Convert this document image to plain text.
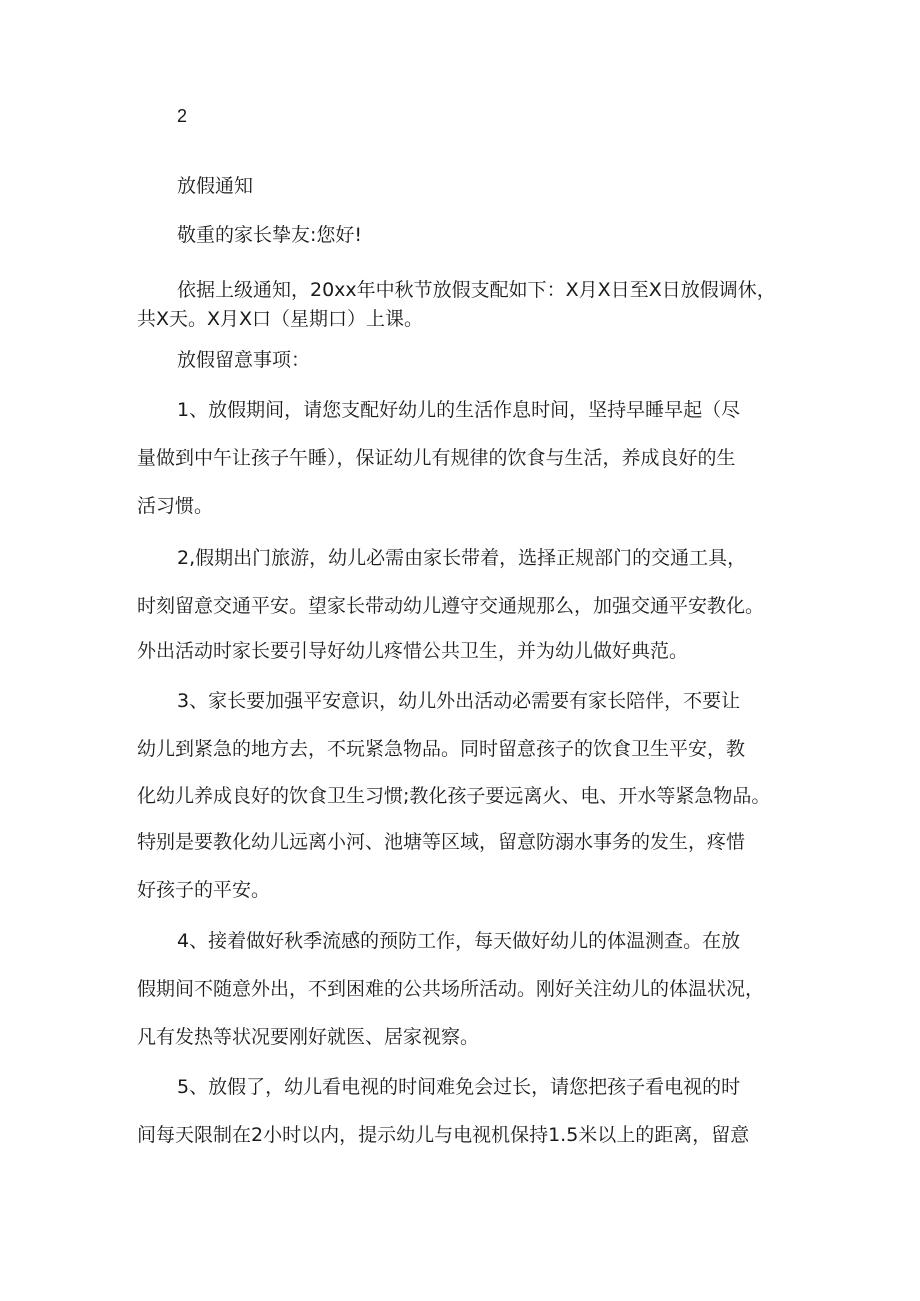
2
放假通知
敬重的家长挚友:您好!
依据上级通知，20xx年中秋节放假支配如下：X月X日至X日放假调休，
共X天。X月X口（星期口）上课。
放假留意事项：
1、放假期间，请您支配好幼儿的生活作息时间，坚持早睡早起（尽
量做到中午让孩子午睡），保证幼儿有规律的饮食与生活，养成良好的生
活习惯。
2,假期出门旅游，幼儿必需由家长带着，选择正规部门的交通工具，
时刻留意交通平安。望家长带动幼儿遵守交通规那么，加强交通平安教化。
外出活动时家长要引导好幼儿疼惜公共卫生，并为幼儿做好典范。
3、家长要加强平安意识，幼儿外出活动必需要有家长陪伴，不要让
幼儿到紧急的地方去，不玩紧急物品。同时留意孩子的饮食卫生平安，教
化幼儿养成良好的饮食卫生习惯;教化孩子要远离火、电、开水等紧急物品。
特别是要教化幼儿远离小河、池塘等区域，留意防溺水事务的发生，疼惜
好孩子的平安。
4、接着做好秋季流感的预防工作，每天做好幼儿的体温测查。在放
假期间不随意外出，不到困难的公共场所活动。刚好关注幼儿的体温状况，
凡有发热等状况要刚好就医、居家视察。
5、放假了，幼儿看电视的时间难免会过长，请您把孩子看电视的时
间每天限制在2小时以内，提示幼儿与电视机保持1.5米以上的距离，留意
